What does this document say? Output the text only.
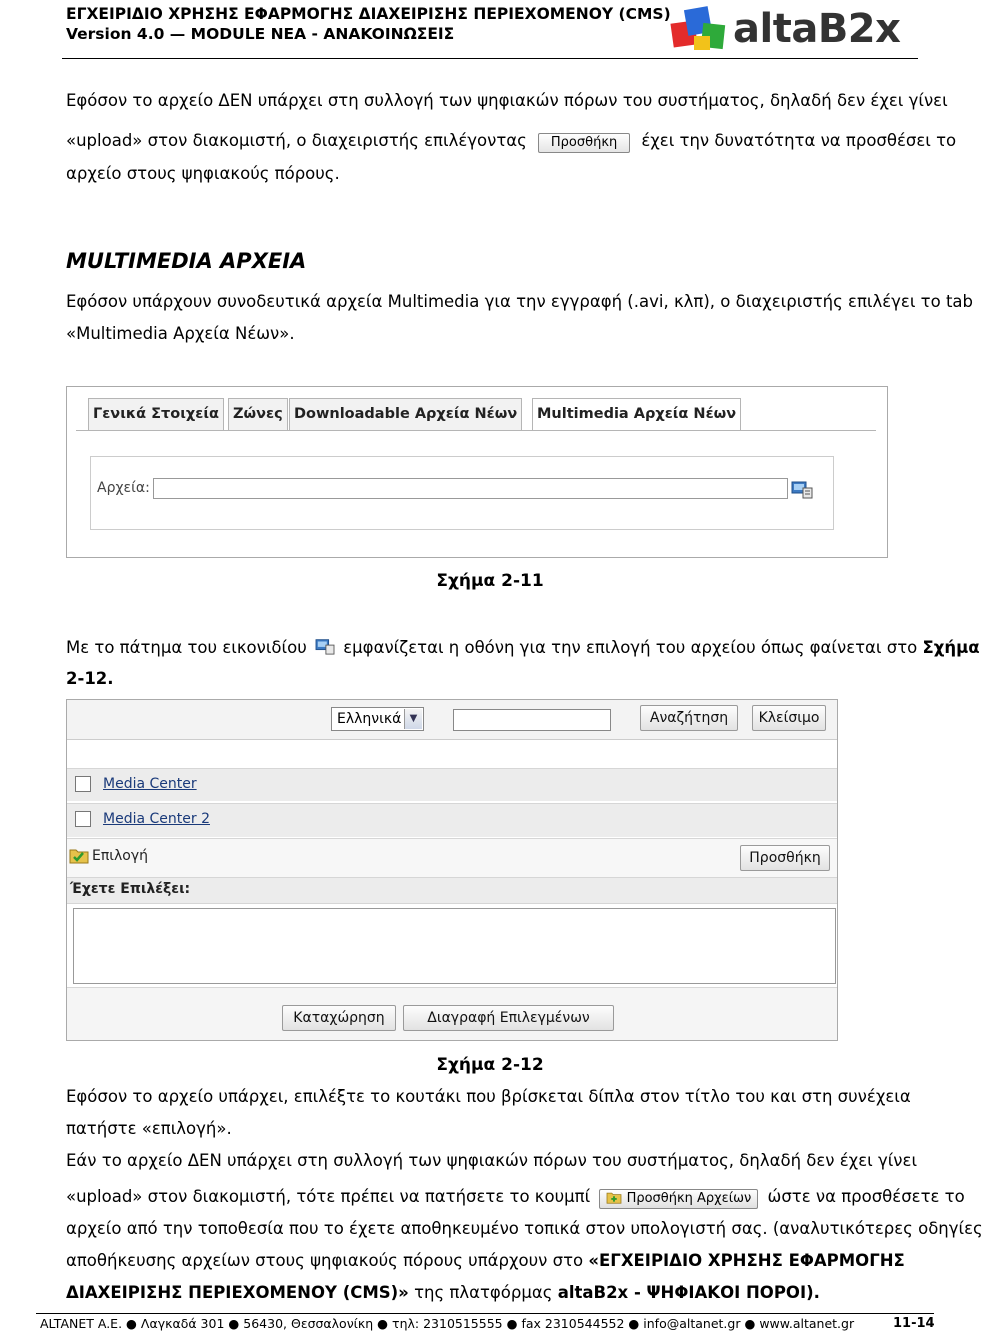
ΕΓΧΕΙΡΙΔΙΟ ΧΡΗΣΗΣ ΕΦΑΡΜΟΓΗΣ ΔΙΑΧΕΙΡΙΣΗΣ ΠΕΡΙΕΧΟΜΕΝΟΥ (CMS)
Version 4.0 — MODULE NEA - ANAKOINΩΣΕΙΣ	altaB2x
Εφόσον το αρχείο ΔΕΝ υπάρχει στη συλλογή των ψηφιακών πόρων του συστήματος, δηλαδή δεν έχει γίνει
«upload» στον διακομιστή, ο διαχειριστής επιλέγοντας Προσθήκη έχει την δυνατότητα να προσθέσει το
αρχείο στους ψηφιακούς πόρους.
MULTIMEDIA ΑΡΧΕΙΑ
Εφόσον υπάρχουν συνοδευτικά αρχεία Multimedia για την εγγραφή (.avi, κλπ), ο διαχειριστής επιλέγει το tab
«Multimedia Αρχεία Νέων».
Γενικά Στοιχεία Ζώνες Downloadable Αρχεία Νέων	Multimedia Αρχεία Νέων
Αρχεία:
Σχήμα 2-11
Με το πάτημα του εικονιδίου εμφανίζεται η οθόνη για την επιλογή του αρχείου όπως φαίνεται στο Σχήμα
2-12.
Ελληνικά ▼	Αναζήτηση	Κλείσιμο
Media Center
Media Center 2
Επιλογή	Προσθήκη
Έχετε Επιλέξει:
Καταχώρηση	Διαγραφή Επιλεγμένων
Σχήμα 2-12
Εφόσον το αρχείο υπάρχει, επιλέξτε το κουτάκι που βρίσκεται δίπλα στον τίτλο του και στη συνέχεια
πατήστε «επιλογή».
Εάν το αρχείο ΔΕΝ υπάρχει στη συλλογή των ψηφιακών πόρων του συστήματος, δηλαδή δεν έχει γίνει
«upload» στον διακομιστή, τότε πρέπει να πατήσετε το κουμπί	Προσθήκη Αρχείων ώστε να προσθέσετε το
αρχείο από την τοποθεσία που το έχετε αποθηκευμένο τοπικά στον υπολογιστή σας. (αναλυτικότερες οδηγίες
αποθήκευσης αρχείων στους ψηφιακούς πόρους υπάρχουν στο «ΕΓΧΕΙΡΙΔΙΟ ΧΡΗΣΗΣ ΕΦΑΡΜΟΓΗΣ
ΔΙΑΧΕΙΡΙΣΗΣ ΠΕΡΙΕΧΟΜΕΝΟΥ (CMS)» της πλατφόρμας altaB2x - ΨΗΦΙΑΚΟΙ ΠΟΡΟΙ).
ALTANET A.E. ● Λαγκαδά 301 ● 56430, Θεσσαλονίκη ● τηλ: 2310515555 ● fax 2310544552 ● info@altanet.gr ● www.altanet.gr	11-14
